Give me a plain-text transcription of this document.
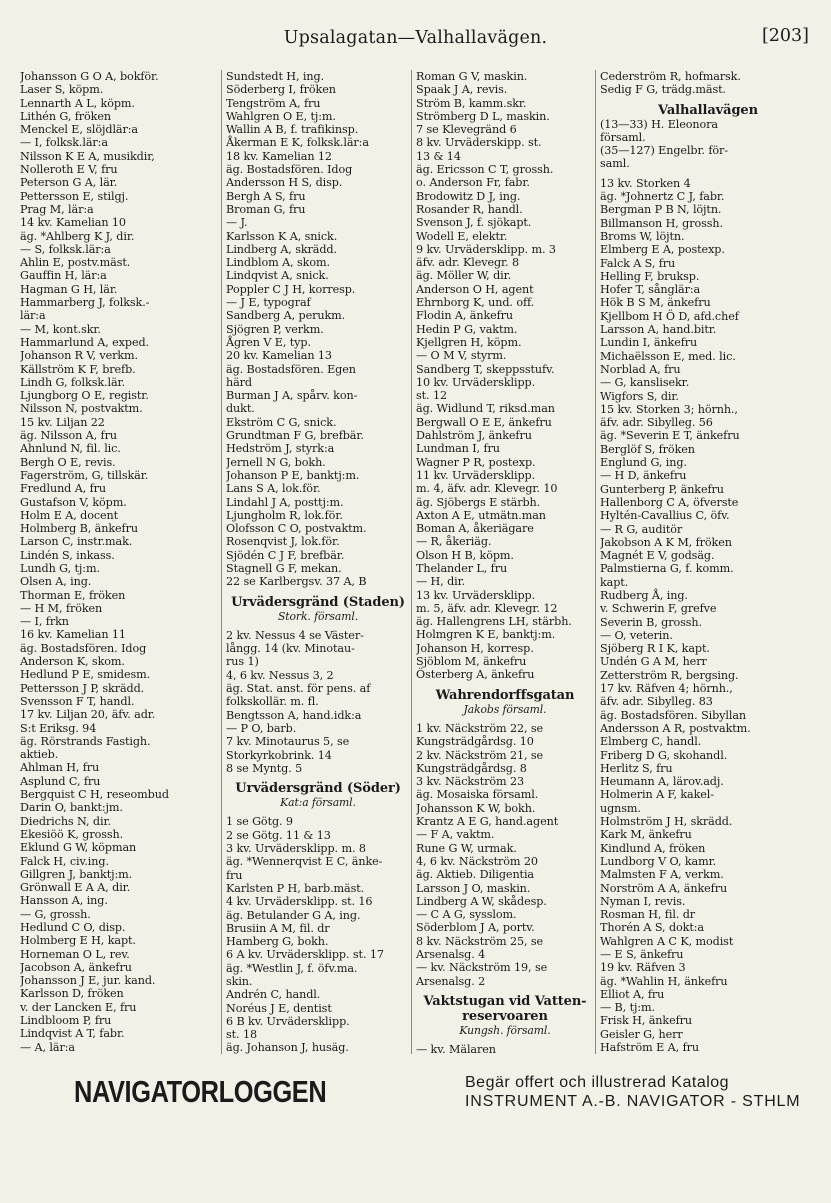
Upsalagatan—Valhallavägen.	[203]
Johansson G O A, bokför.
Laser S, köpm.
Lennarth A L, köpm.
Lithén G, fröken
Menckel E, slöjdlär:a
— I, folksk.lär:a
Nilsson K E A, musikdir,
Nolleroth E V, fru
Peterson G A, lär.
Pettersson E, stilgj.
Prag M, lär:a
14 kv. Kamelian 10
äg. *Ahlberg K J, dir.
— S, folksk.lär:a
Ahlin E, postv.mäst.
Gauffin H, lär:a
Hagman G H, lär.
Hammarberg J, folksk.-
lär:a
— M, kont.skr.
Hammarlund A, exped.
Johanson R V, verkm.
Källström K F, brefb.
Lindh G, folksk.lär.
Ljungborg O E, registr.
Nilsson N, postvaktm.
15 kv. Liljan 22
äg. Nilsson A, fru
Ahnlund N, fil. lic.
Bergh O E, revis.
Fagerström, G, tillskär.
Fredlund A, fru
Gustafson V, köpm.
Holm E A, docent
Holmberg B, änkefru
Larson C, instr.mak.
Lindén S, inkass.
Lundh G, tj:m.
Olsen A, ing.
Thorman E, fröken
— H M, fröken
— I, frkn
16 kv. Kamelian 11
äg. Bostadsfören. Idog
Anderson K, skom.
Hedlund P E, smidesm.
Pettersson J P, skrädd.
Svensson F T, handl.
17 kv. Liljan 20, äfv. adr.
S:t Eriksg. 94
äg. Rörstrands Fastigh.
aktieb.
Ahlman H, fru
Asplund C, fru
Bergquist C H, reseombud
Darin O, bankt:jm.
Diedrichs N, dir.
Ekesiöö K, grossh.
Eklund G W, köpman
Falck H, civ.ing.
Gillgren J, banktj:m.
Grönwall E A A, dir.
Hansson A, ing.
— G, grossh.
Hedlund C O, disp.
Holmberg E H, kapt.
Horneman O L, rev.
Jacobson A, änkefru
Johansson J E, jur. kand.
Karlsson D, fröken
v. der Lancken E, fru
Lindbloom P, fru
Lindqvist A T, fabr.
— A, lär:a
Sundstedt H, ing.
Söderberg I, fröken
Tengström A, fru
Wahlgren O E, tj:m.
Wallin A B, f. trafikinsp.
Åkerman E K, folksk.lär:a
18 kv. Kamelian 12
äg. Bostadsfören. Idog
Andersson H S, disp.
Bergh A S, fru
Broman G, fru
— J.
Karlsson K A, snick.
Lindberg A, skrädd.
Lindblom A, skom.
Lindqvist A, snick.
Poppler C J H, korresp.
— J E, typograf
Sandberg A, perukm.
Sjögren P, verkm.
Ågren V E, typ.
20 kv. Kamelian 13
äg. Bostadsfören. Egen
härd
Burman J A, spårv. kon-
dukt.
Ekström C G, snick.
Grundtman F G, brefbär.
Hedström J, styrk:a
Jernell N G, bokh.
Johanson P E, banktj:m.
Lans S A, lok.för.
Lindahl J A, posttj:m.
Ljungholm R, lok.för.
Olofsson C O, postvaktm.
Rosenqvist J, lok.för.
Sjödén C J F, brefbär.
Stagnell G F, mekan.
22 se Karlbergsv. 37 A, B
Urvädersgränd (Staden)
Stork. församl.
2 kv. Nessus 4 se Väster-
långg. 14 (kv. Minotau-
rus 1)
4, 6 kv. Nessus 3, 2
äg. Stat. anst. för pens. af
folkskollär. m. fl.
Bengtsson A, hand.idk:a
— P O, barb.
7 kv. Minotaurus 5, se
Storkyrkobrink. 14
8 se Myntg. 5
Urvädersgränd (Söder)
Kat:a församl.
1 se Götg. 9
2 se Götg. 11 & 13
3 kv. Urvädersklipp. m. 8
äg. *Wennerqvist E C, änke-
fru
Karlsten P H, barb.mäst.
4 kv. Urvädersklipp. st. 16
äg. Betulander G A, ing.
Brusiin A M, fil. dr
Hamberg G, bokh.
6 A kv. Urvädersklipp. st. 17
äg. *Westlin J, f. öfv.ma.
skin.
Andrén C, handl.
Noréus J E, dentist
6 B kv. Urvädersklipp.
st. 18
äg. Johanson J, husäg.
Roman G V, maskin.
Spaak J A, revis.
Ström B, kamm.skr.
Strömberg D L, maskin.
7 se Klevegränd 6
8 kv. Urväderskipp. st.
13 & 14
äg. Ericsson C T, grossh.
o. Anderson Fr, fabr.
Brodowitz D J, ing.
Rosander R, handl.
Svenson J, f. sjökapt.
Wodell E, elektr.
9 kv. Urvädersklipp. m. 3
äfv. adr. Klevegr. 8
äg. Möller W, dir.
Anderson O H, agent
Ehrnborg K, und. off.
Flodin A, änkefru
Hedin P G, vaktm.
Kjellgren H, köpm.
— O M V, styrm.
Sandberg T, skeppsstufv.
10 kv. Urvädersklipp.
st. 12
äg. Widlund T, riksd.man
Bergwall O E E, änkefru
Dahlström J, änkefru
Lundman I, fru
Wagner P R, postexp.
11 kv. Urvädersklipp.
m. 4, äfv. adr. Klevegr. 10
äg. Sjöbergs E stärbh.
Axton A E, utmätn.man
Boman A, åkeriägare
— R, åkeriäg.
Olson H B, köpm.
Thelander L, fru
— H, dir.
13 kv. Urvädersklipp.
m. 5, äfv. adr. Klevegr. 12
äg. Hallengrens LH, stärbh.
Holmgren K E, banktj:m.
Johanson H, korresp.
Sjöblom M, änkefru
Österberg A, änkefru
Wahrendorffsgatan
Jakobs församl.
1 kv. Näckström 22, se
Kungsträdgårdsg. 10
2 kv. Näckström 21, se
Kungsträdgårdsg. 8
3 kv. Näckström 23
äg. Mosaiska församl.
Johansson K W, bokh.
Krantz A E G, hand.agent
— F A, vaktm.
Rune G W, urmak.
4, 6 kv. Näckström 20
äg. Aktieb. Diligentia
Larsson J O, maskin.
Lindberg A W, skådesp.
— C A G, sysslom.
Söderblom J A, portv.
8 kv. Näckström 25, se
Arsenalsg. 4
— kv. Näckström 19, se
Arsenalsg. 2
Vaktstugan vid Vatten-
reservoaren
Kungsh. församl.
— kv. Mälaren
Cederström R, hofmarsk.
Sedig F G, trädg.mäst.
Valhallavägen
(13—33) H. Eleonora
församl.
(35—127) Engelbr. för-
saml.
13 kv. Storken 4
äg. *Johnertz C J, fabr.
Bergman P B N, löjtn.
Billmanson H, grossh.
Broms W, löjtn.
Elmberg E A, postexp.
Falck A S, fru
Helling F, bruksp.
Hofer T, sånglär:a
Hök B S M, änkefru
Kjellbom H Ö D, afd.chef
Larsson A, hand.bitr.
Lundin I, änkefru
Michaëlsson E, med. lic.
Norblad A, fru
— G, kanslisekr.
Wigfors S, dir.
15 kv. Storken 3; hörnh.,
äfv. adr. Sibylleg. 56
äg. *Severin E T, änkefru
Berglöf S, fröken
Englund G, ing.
— H D, änkefru
Gunterberg P, änkefru
Hallenborg C A, öfverste
Hyltén-Cavallius C, öfv.
— R G, auditör
Jakobson A K M, fröken
Magnét E V, godsäg.
Palmstierna G, f. komm.
kapt.
Rudberg Å, ing.
v. Schwerin F, grefve
Severin B, grossh.
— O, veterin.
Sjöberg R I K, kapt.
Undén G A M, herr
Zetterström R, bergsing.
17 kv. Räfven 4; hörnh.,
äfv. adr. Sibylleg. 83
äg. Bostadsfören. Sibyllan
Andersson A R, postvaktm.
Elmberg C, handl.
Friberg D G, skohandl.
Herlitz S, fru
Heumann A, lärov.adj.
Holmerin A F, kakel-
ugnsm.
Holmström J H, skrädd.
Kark M, änkefru
Kindlund A, fröken
Lundborg V O, kamr.
Malmsten F A, verkm.
Norström A A, änkefru
Nyman I, revis.
Rosman H, fil. dr
Thorén A S, dokt:a
Wahlgren A C K, modist
— E S, änkefru
19 kv. Räfven 3
äg. *Wahlin H, änkefru
Elliot A, fru
— B, tj:m.
Frisk H, änkefru
Geisler G, herr
Hafström E A, fru
NAVIGATORLOGGEN	Begär offert och illustrerad Katalog
INSTRUMENT A.-B. NAVIGATOR - STHLM
